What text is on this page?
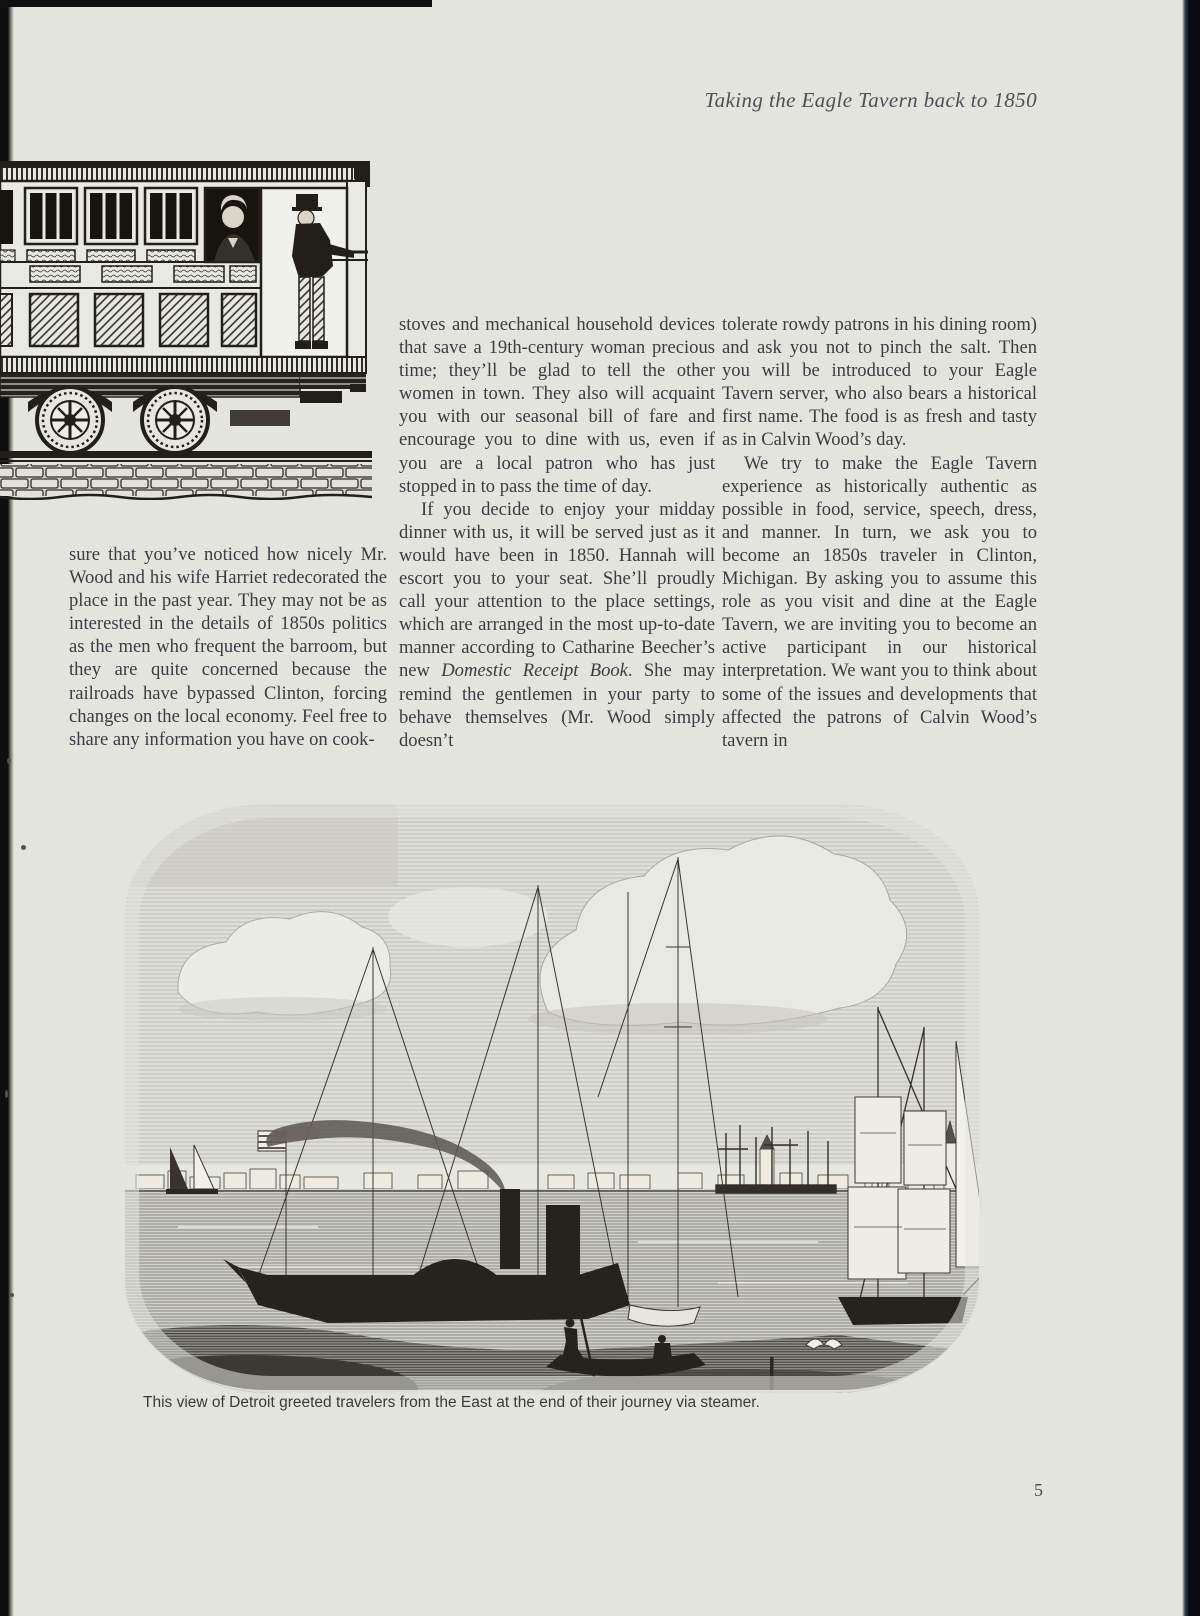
Taking the Eagle Tavern back to 1850

sure that you’ve noticed how nicely Mr. Wood and his wife Harriet redecorated the place in the past year. They may not be as interested in the details of 1850s politics as the men who frequent the barroom, but they are quite concerned because the railroads have bypassed Clinton, forcing changes on the local economy. Feel free to share any information you have on cook-

stoves and mechanical household devices that save a 19th-century woman precious time; they’ll be glad to tell the other women in town. They also will acquaint you with our seasonal bill of fare and encourage you to dine with us, even if you are a local patron who has just stopped in to pass the time of day.

If you decide to enjoy your midday dinner with us, it will be served just as it would have been in 1850. Hannah will escort you to your seat. She’ll proudly call your attention to the place settings, which are arranged in the most up-to-date manner according to Catharine Beecher’s new Domestic Receipt Book. She may remind the gentlemen in your party to behave themselves (Mr. Wood simply doesn’t

tolerate rowdy patrons in his dining room) and ask you not to pinch the salt. Then you will be introduced to your Eagle Tavern server, who also bears a historical first name. The food is as fresh and tasty as in Calvin Wood’s day.

We try to make the Eagle Tavern experience as historically authentic as possible in food, service, speech, dress, and manner. In turn, we ask you to become an 1850s traveler in Clinton, Michigan. By asking you to assume this role as you visit and dine at the Eagle Tavern, we are inviting you to become an active participant in our historical interpretation. We want you to think about some of the issues and developments that affected the patrons of Calvin Wood’s tavern in

This view of Detroit greeted travelers from the East at the end of their journey via steamer.
5
